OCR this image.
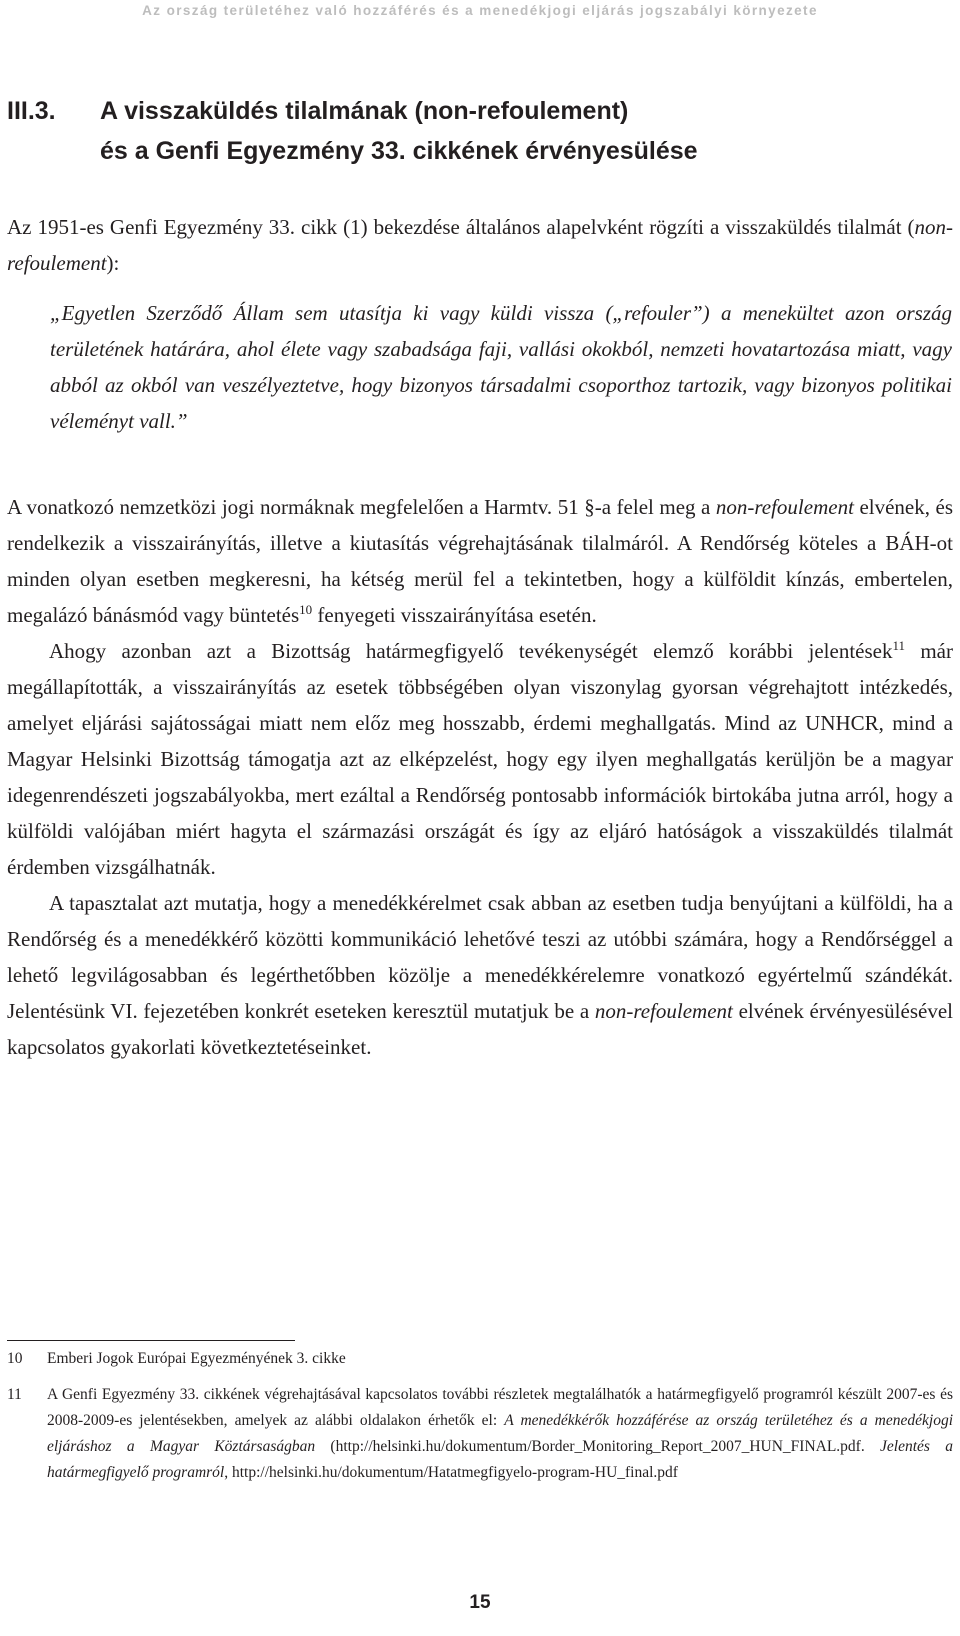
Az ország területéhez való hozzáférés és a menedékjogi eljárás jogszabályi környezete
III.3. A visszaküldés tilalmának (non-refoulement)
és a Genfi Egyezmény 33. cikkének érvényesülése

Az 1951-es Genfi Egyezmény 33. cikk (1) bekezdése általános alapelvként rögzíti a visszaküldés tilalmát (non-refoulement):

„Egyetlen Szerződő Állam sem utasítja ki vagy küldi vissza („refouler”) a menekültet azon ország területének határára, ahol élete vagy szabadsága faji, vallási okokból, nemzeti hovatartozása miatt, vagy abból az okból van veszélyeztetve, hogy bizonyos társadalmi csoporthoz tartozik, vagy bizonyos politikai véleményt vall.”

A vonatkozó nemzetközi jogi normáknak megfelelően a Harmtv. 51 §-a felel meg a non-refoulement elvének, és rendelkezik a visszairányítás, illetve a kiutasítás végrehajtásának tilalmáról. A Rendőrség köteles a BÁH-ot minden olyan esetben megkeresni, ha kétség merül fel a tekintetben, hogy a külföldit kínzás, embertelen, megalázó bánásmód vagy büntetés$^{10}$ fenyegeti visszairányítása esetén.

Ahogy azonban azt a Bizottság határmegfigyelő tevékenységét elemző korábbi jelentések$^{11}$ már megállapították, a visszairányítás az esetek többségében olyan viszonylag gyorsan végrehajtott intézkedés, amelyet eljárási sajátosságai miatt nem előz meg hosszabb, érdemi meghallgatás. Mind az UNHCR, mind a Magyar Helsinki Bizottság támogatja azt az elképzelést, hogy egy ilyen meghallgatás kerüljön be a magyar idegenrendészeti jogszabályokba, mert ezáltal a Rendőrség pontosabb információk birtokába jutna arról, hogy a külföldi valójában miért hagyta el származási országát és így az eljáró hatóságok a visszaküldés tilalmát érdemben vizsgálhatnák.

A tapasztalat azt mutatja, hogy a menedékkérelmet csak abban az esetben tudja benyújtani a külföldi, ha a Rendőrség és a menedékkérő közötti kommunikáció lehetővé teszi az utóbbi számára, hogy a Rendőrséggel a lehető legvilágosabban és legérthetőbben közölje a menedékkérelemre vonatkozó egyértelmű szándékát. Jelentésünk VI. fejezetében konkrét eseteken keresztül mutatjuk be a non-refoulement elvének érvényesülésével kapcsolatos gyakorlati következtetéseinket.

10 Emberi Jogok Európai Egyezményének 3. cikke
11 A Genfi Egyezmény 33. cikkének végrehajtásával kapcsolatos további részletek megtalálhatók a határmegfigyelő programról készült 2007-es és 2008-2009-es jelentésekben, amelyek az alábbi oldalakon érhetők el: A menedékkérők hozzáférése az ország területéhez és a menedékjogi eljáráshoz a Magyar Köztársaságban (http://helsinki.hu/dokumentum/Border_Monitoring_Report_2007_HUN_FINAL.pdf. Jelentés a határmegfigyelő programról, http://helsinki.hu/dokumentum/Hatatmegfigyelo-program-HU_final.pdf
15
